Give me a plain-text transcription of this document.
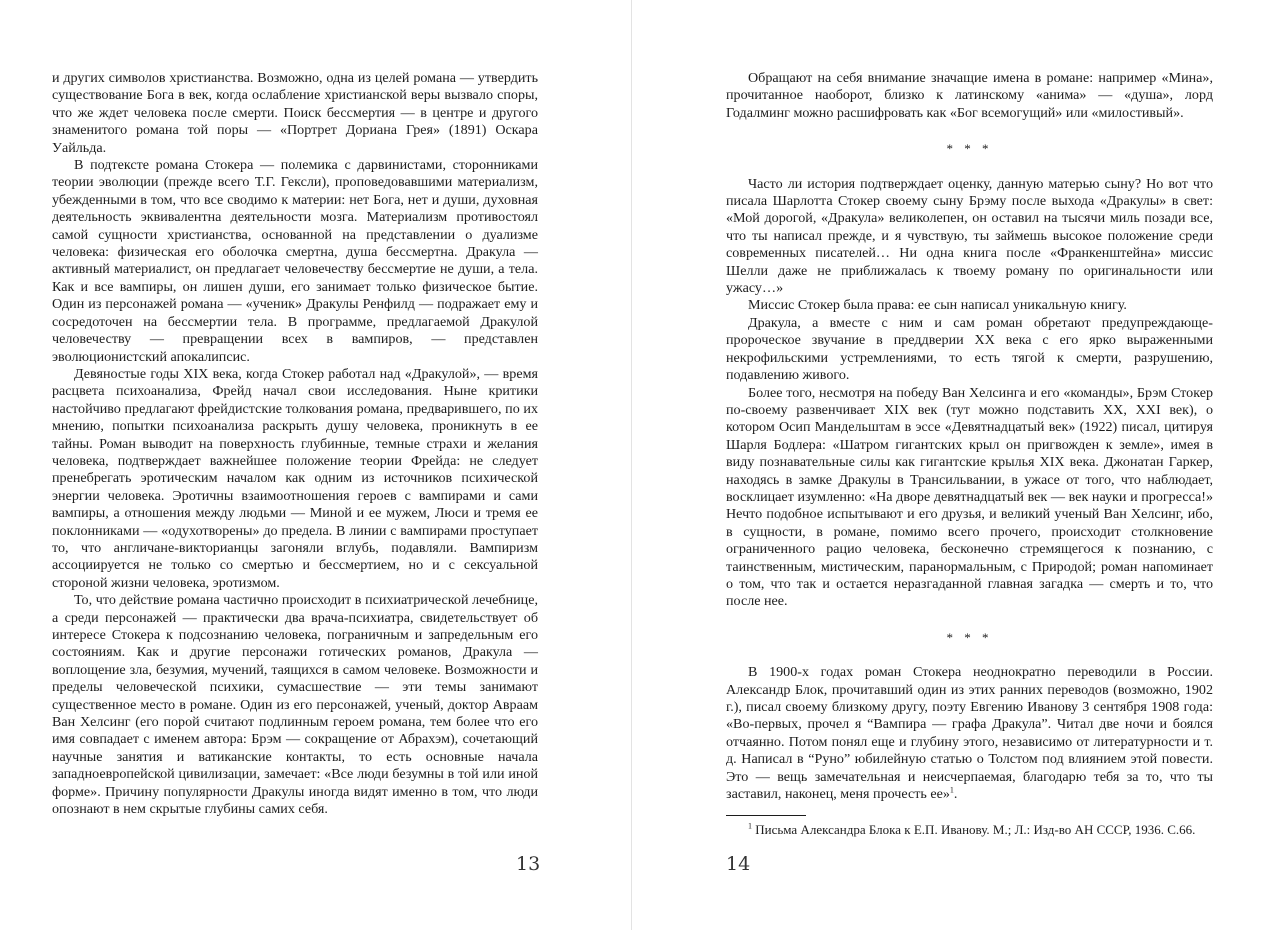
и других символов христианства. Возможно, одна из целей романа — утвердить существование Бога в век, когда ослабление христианской веры вызвало споры, что же ждет человека после смерти. Поиск бессмертия — в центре и другого знаменитого романа той поры — «Портрет Дориана Грея» (1891) Оскара Уайльда.

В подтексте романа Стокера — полемика с дарвинистами, сторонниками теории эволюции (прежде всего Т.Г. Гексли), проповедовавшими материализм, убежденными в том, что все сводимо к материи: нет Бога, нет и души, духовная деятельность эквивалентна деятельности мозга. Материализм противостоял самой сущности христианства, основанной на представлении о дуализме человека: физическая его оболочка смертна, душа бессмертна. Дракула — активный материалист, он предлагает человечеству бессмертие не души, а тела. Как и все вампиры, он лишен души, его занимает только физическое бытие. Один из персонажей романа — «ученик» Дракулы Ренфилд — подражает ему и сосредоточен на бессмертии тела. В программе, предлагаемой Дракулой человечеству — превращении всех в вампиров, — представлен эволюционистский апокалипсис.

Девяностые годы XIX века, когда Стокер работал над «Дракулой», — время расцвета психоанализа, Фрейд начал свои исследования. Ныне критики настойчиво предлагают фрейдистские толкования романа, предварившего, по их мнению, попытки психоанализа раскрыть душу человека, проникнуть в ее тайны. Роман выводит на поверхность глубинные, темные страхи и желания человека, подтверждает важнейшее положение теории Фрейда: не следует пренебрегать эротическим началом как одним из источников психической энергии человека. Эротичны взаимоотношения героев с вампирами и сами вампиры, а отношения между людьми — Миной и ее мужем, Люси и тремя ее поклонниками — «одухотворены» до предела. В линии с вампирами проступает то, что англичане-викторианцы загоняли вглубь, подавляли. Вампиризм ассоциируется не только со смертью и бессмертием, но и с сексуальной стороной жизни человека, эротизмом.

То, что действие романа частично происходит в психиатрической лечебнице, а среди персонажей — практически два врача-психиатра, свидетельствует об интересе Стокера к подсознанию человека, пограничным и запредельным его состояниям. Как и другие персонажи готических романов, Дракула — воплощение зла, безумия, мучений, таящихся в самом человеке. Возможности и пределы человеческой психики, сумасшествие — эти темы занимают существенное место в романе. Один из его персонажей, ученый, доктор Авраам Ван Хелсинг (его порой считают подлинным героем романа, тем более что его имя совпадает с именем автора: Брэм — сокращение от Абрахэм), сочетающий научные занятия и ватиканские контакты, то есть основные начала западноевропейской цивилизации, замечает: «Все люди безумны в той или иной форме». Причину популярности Дракулы иногда видят именно в том, что люди опознают в нем скрытые глубины самих себя.

13

Обращают на себя внимание значащие имена в романе: например «Мина», прочитанное наоборот, близко к латинскому «анима» — «душа», лорд Годалминг можно расшифровать как «Бог всемогущий» или «милостивый».

* * *

Часто ли история подтверждает оценку, данную матерью сыну? Но вот что писала Шарлотта Стокер своему сыну Брэму после выхода «Дракулы» в свет: «Мой дорогой, «Дракула» великолепен, он оставил на тысячи миль позади все, что ты написал прежде, и я чувствую, ты займешь высокое положение среди современных писателей… Ни одна книга после «Франкенштейна» миссис Шелли даже не приближалась к твоему роману по оригинальности или ужасу…»

Миссис Стокер была права: ее сын написал уникальную книгу.

Дракула, а вместе с ним и сам роман обретают предупреждающе-пророческое звучание в преддверии XX века с его ярко выраженными некрофильскими устремлениями, то есть тягой к смерти, разрушению, подавлению живого.

Более того, несмотря на победу Ван Хелсинга и его «команды», Брэм Стокер по-своему развенчивает XIX век (тут можно подставить XX, XXI век), о котором Осип Мандельштам в эссе «Девятнадцатый век» (1922) писал, цитируя Шарля Бодлера: «Шатром гигантских крыл он пригвожден к земле», имея в виду познавательные силы как гигантские крылья XIX века. Джонатан Гаркер, находясь в замке Дракулы в Трансильвании, в ужасе от того, что наблюдает, восклицает изумленно: «На дворе девятнадцатый век — век науки и прогресса!» Нечто подобное испытывают и его друзья, и великий ученый Ван Хелсинг, ибо, в сущности, в романе, помимо всего прочего, происходит столкновение ограниченного рацио человека, бесконечно стремящегося к познанию, с таинственным, мистическим, паранормальным, с Природой; роман напоминает о том, что так и остается неразгаданной главная загадка — смерть и то, что после нее.

* * *

В 1900-х годах роман Стокера неоднократно переводили в России. Александр Блок, прочитавший один из этих ранних переводов (возможно, 1902 г.), писал своему близкому другу, поэту Евгению Иванову 3 сентября 1908 года: «Во-первых, прочел я “Вампира — графа Дракула”. Читал две ночи и боялся отчаянно. Потом понял еще и глубину этого, независимо от литературности и т. д. Написал в “Руно” юбилейную статью о Толстом под влиянием этой повести. Это — вещь замечательная и неисчерпаемая, благодарю тебя за то, что ты заставил, наконец, меня прочесть ее»$^1$.

$^1$ Письма Александра Блока к Е.П. Иванову. М.; Л.: Изд-во АН СССР, 1936. С.66.

14
